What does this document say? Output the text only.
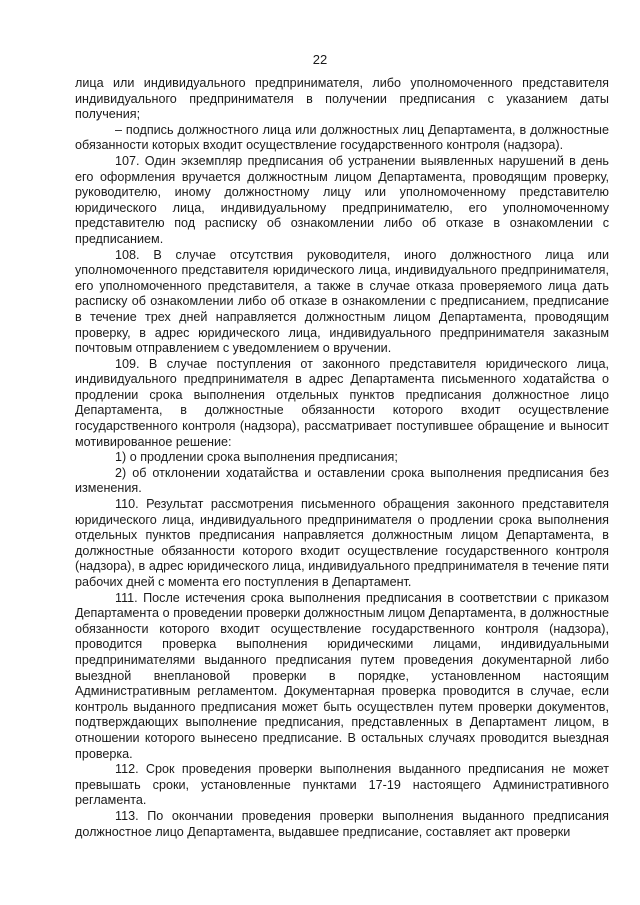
22

лица или индивидуального предпринимателя, либо уполномоченного представителя индивидуального предпринимателя в получении предписания с указанием даты получения;

– подпись должностного лица или должностных лиц Департамента, в должностные обязанности которых входит осуществление государственного контроля (надзора).

107. Один экземпляр предписания об устранении выявленных нарушений в день его оформления вручается должностным лицом Департамента, проводящим проверку, руководителю, иному должностному лицу или уполномоченному представителю юридического лица, индивидуальному предпринимателю, его уполномоченному представителю под расписку об ознакомлении либо об отказе в ознакомлении с предписанием.

108. В случае отсутствия руководителя, иного должностного лица или уполномоченного представителя юридического лица, индивидуального предпринимателя, его уполномоченного представителя, а также в случае отказа проверяемого лица дать расписку об ознакомлении либо об отказе в ознакомлении с предписанием, предписание в течение трех дней направляется должностным лицом Департамента, проводящим проверку, в адрес юридического лица, индивидуального предпринимателя заказным почтовым отправлением с уведомлением о вручении.

109. В случае поступления от законного представителя юридического лица, индивидуального предпринимателя в адрес Департамента письменного ходатайства о продлении срока выполнения отдельных пунктов предписания должностное лицо Департамента, в должностные обязанности которого входит осуществление государственного контроля (надзора), рассматривает поступившее обращение и выносит мотивированное решение:

1) о продлении срока выполнения предписания;

2) об отклонении ходатайства и оставлении срока выполнения предписания без изменения.

110. Результат рассмотрения письменного обращения законного представителя юридического лица, индивидуального предпринимателя о продлении срока выполнения отдельных пунктов предписания направляется должностным лицом Департамента, в должностные обязанности которого входит осуществление государственного контроля (надзора), в адрес юридического лица, индивидуального предпринимателя в течение пяти рабочих дней с момента его поступления в Департамент.

111. После истечения срока выполнения предписания в соответствии с приказом Департамента о проведении проверки должностным лицом Департамента, в должностные обязанности которого входит осуществление государственного контроля (надзора), проводится проверка выполнения юридическими лицами, индивидуальными предпринимателями выданного предписания путем проведения документарной либо выездной внеплановой проверки в порядке, установленном настоящим Административным регламентом. Документарная проверка проводится в случае, если контроль выданного предписания может быть осуществлен путем проверки документов, подтверждающих выполнение предписания, представленных в Департамент лицом, в отношении которого вынесено предписание. В остальных случаях проводится выездная проверка.

112. Срок проведения проверки выполнения выданного предписания не может превышать сроки, установленные пунктами 17-19 настоящего Административного регламента.

113. По окончании проведения проверки выполнения выданного предписания должностное лицо Департамента, выдавшее предписание, составляет акт проверки
